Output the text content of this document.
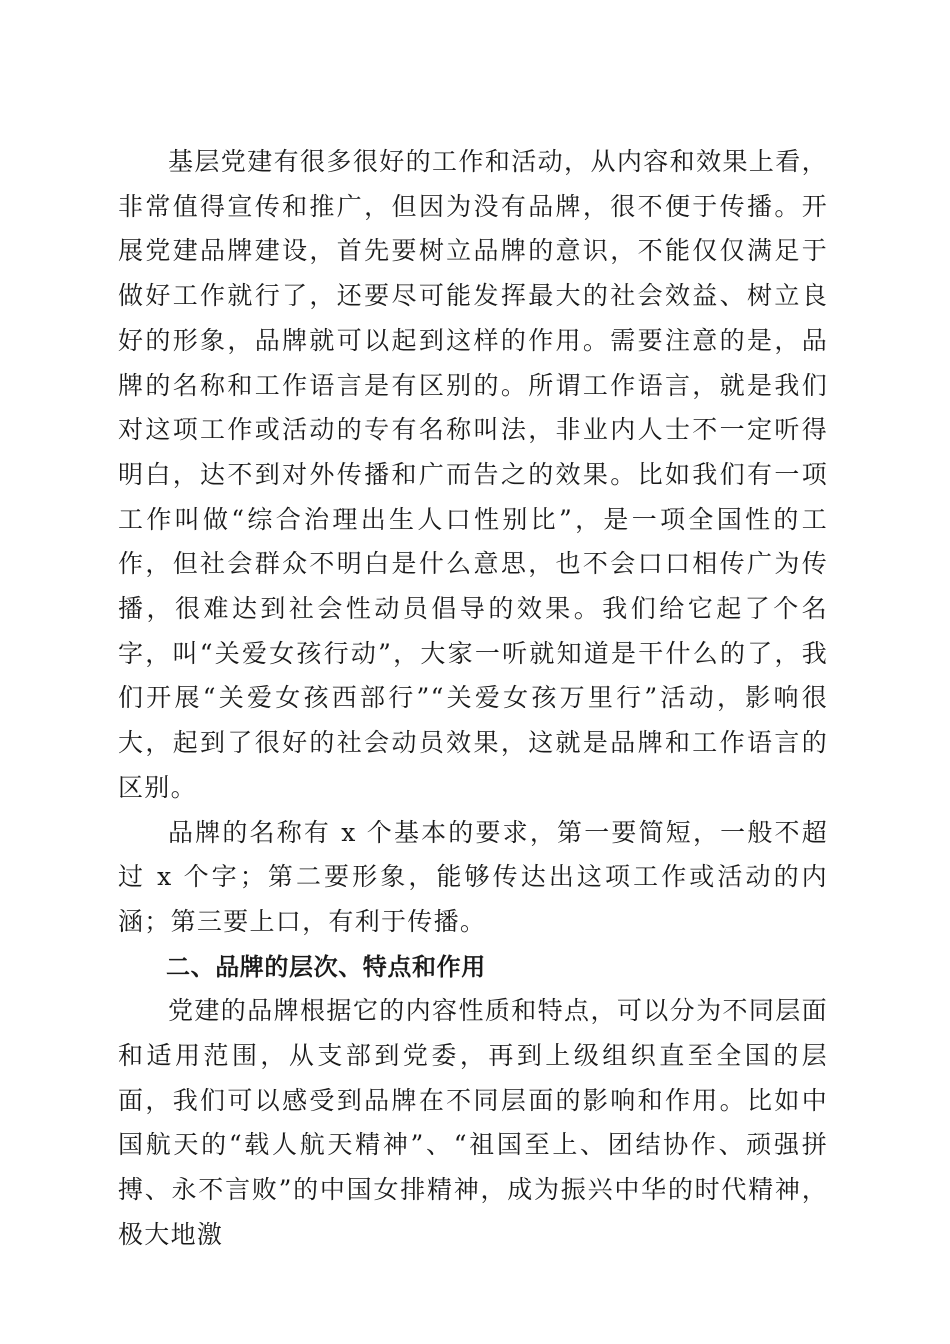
基层党建有很多很好的工作和活动，从内容和效果上看，非常值得宣传和推广，但因为没有品牌，很不便于传播。开展党建品牌建设，首先要树立品牌的意识，不能仅仅满足于做好工作就行了，还要尽可能发挥最大的社会效益、树立良好的形象，品牌就可以起到这样的作用。需要注意的是，品牌的名称和工作语言是有区别的。所谓工作语言，就是我们对这项工作或活动的专有名称叫法，非业内人士不一定听得明白，达不到对外传播和广而告之的效果。比如我们有一项工作叫做“综合治理出生人口性别比”，是一项全国性的工作，但社会群众不明白是什么意思，也不会口口相传广为传播，很难达到社会性动员倡导的效果。我们给它起了个名字，叫“关爱女孩行动”，大家一听就知道是干什么的了，我们开展“关爱女孩西部行”“关爱女孩万里行”活动，影响很大，起到了很好的社会动员效果，这就是品牌和工作语言的区别。

品牌的名称有 x 个基本的要求，第一要简短，一般不超过 x 个字；第二要形象，能够传达出这项工作或活动的内涵；第三要上口，有利于传播。

二、品牌的层次、特点和作用

党建的品牌根据它的内容性质和特点，可以分为不同层面和适用范围，从支部到党委，再到上级组织直至全国的层面，我们可以感受到品牌在不同层面的影响和作用。比如中国航天的“载人航天精神”、“祖国至上、团结协作、顽强拼搏、永不言败”的中国女排精神，成为振兴中华的时代精神，极大地激
